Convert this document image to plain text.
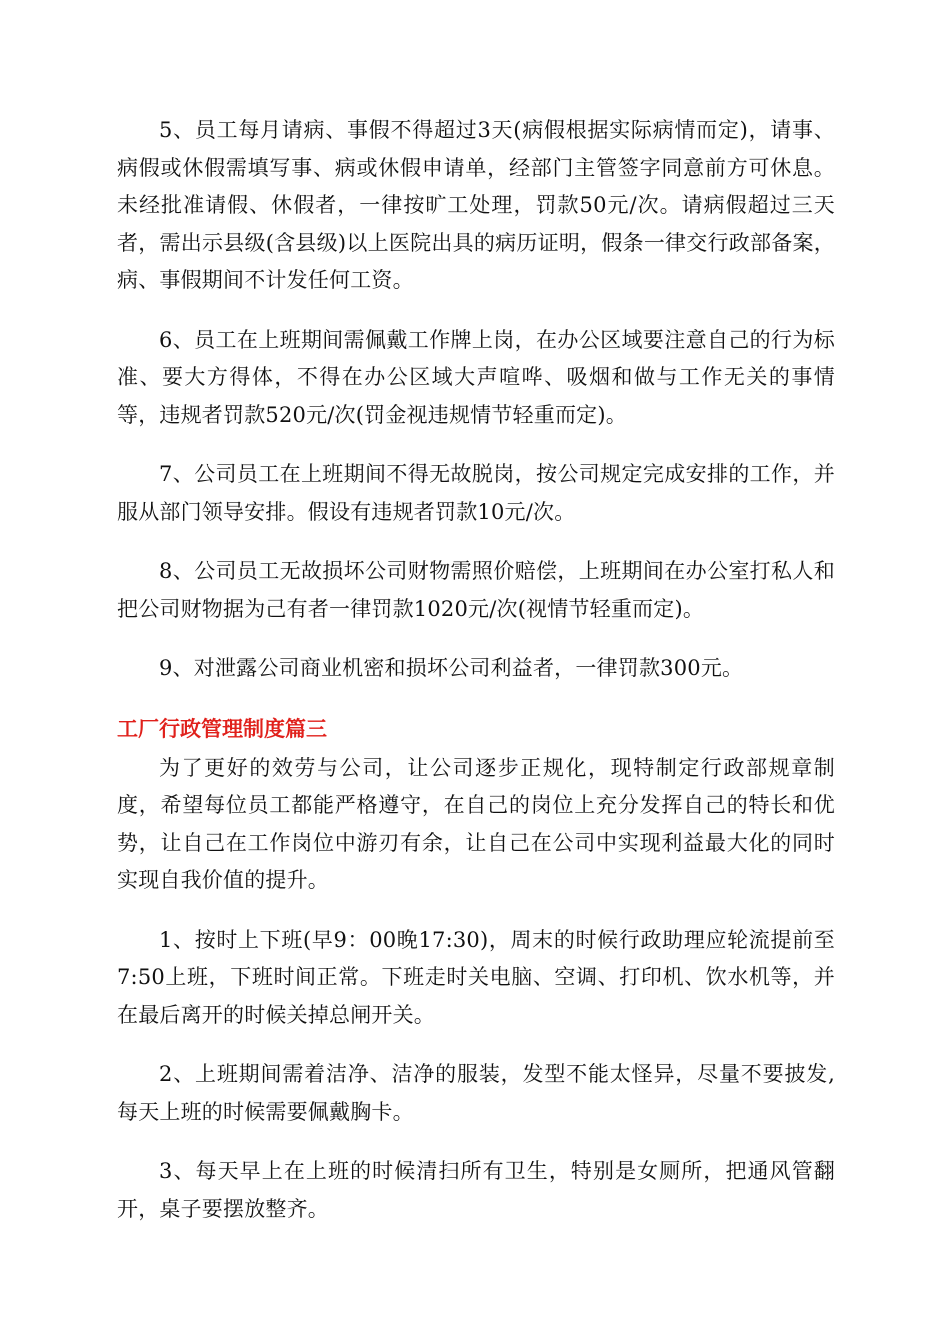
5、员工每月请病、事假不得超过3天(病假根据实际病情而定)，请事、病假或休假需填写事、病或休假申请单，经部门主管签字同意前方可休息。未经批准请假、休假者，一律按旷工处理，罚款50元/次。请病假超过三天者，需出示县级(含县级)以上医院出具的病历证明，假条一律交行政部备案，病、事假期间不计发任何工资。

6、员工在上班期间需佩戴工作牌上岗，在办公区域要注意自己的行为标准、要大方得体，不得在办公区域大声喧哗、吸烟和做与工作无关的事情等，违规者罚款520元/次(罚金视违规情节轻重而定)。

7、公司员工在上班期间不得无故脱岗，按公司规定完成安排的工作，并服从部门领导安排。假设有违规者罚款10元/次。

8、公司员工无故损坏公司财物需照价赔偿，上班期间在办公室打私人和把公司财物据为己有者一律罚款1020元/次(视情节轻重而定)。

9、对泄露公司商业机密和损坏公司利益者，一律罚款300元。

工厂行政管理制度篇三

为了更好的效劳与公司，让公司逐步正规化，现特制定行政部规章制度，希望每位员工都能严格遵守，在自己的岗位上充分发挥自己的特长和优势，让自己在工作岗位中游刃有余，让自己在公司中实现利益最大化的同时实现自我价值的提升。

1、按时上下班(早9：00晚17:30)，周末的时候行政助理应轮流提前至7:50上班，下班时间正常。下班走时关电脑、空调、打印机、饮水机等，并在最后离开的时候关掉总闸开关。

2、上班期间需着洁净、洁净的服装，发型不能太怪异，尽量不要披发,每天上班的时候需要佩戴胸卡。

3、每天早上在上班的时候清扫所有卫生，特别是女厕所，把通风管翻开，桌子要摆放整齐。
